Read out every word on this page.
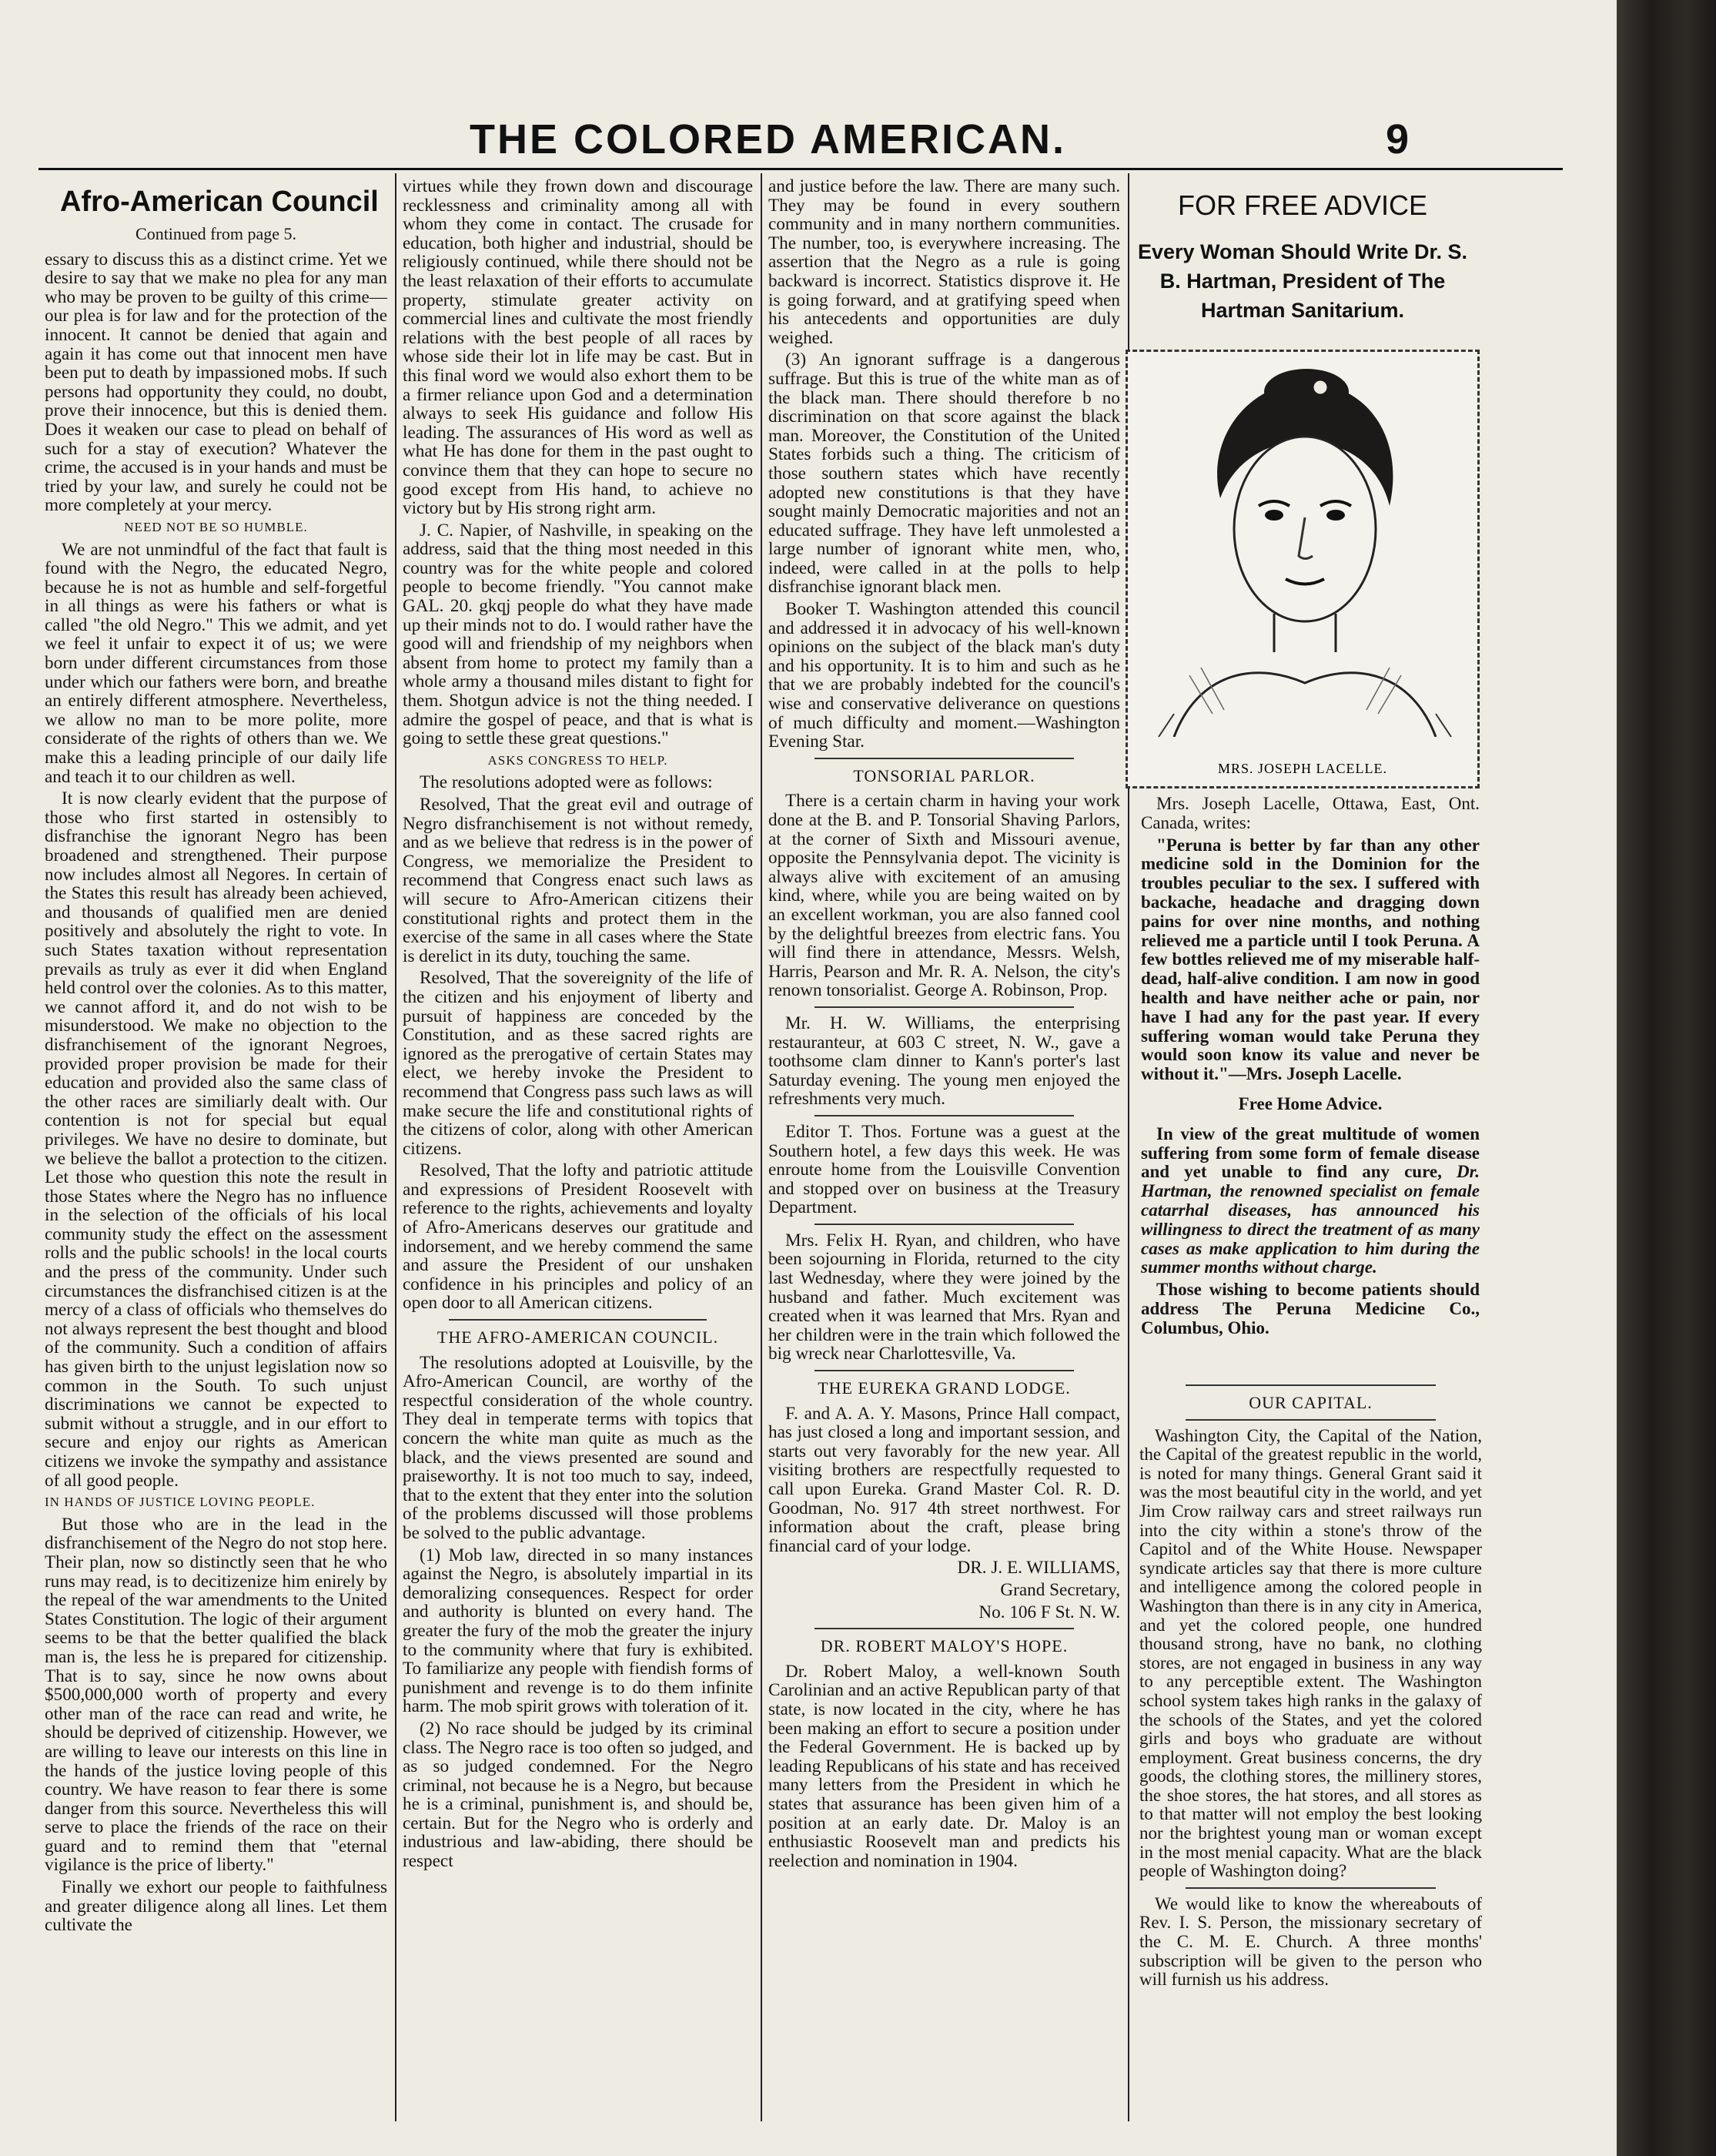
THE COLORED AMERICAN.	9
Afro-American Council
Continued from page 5.

essary to discuss this as a distinct crime. Yet we desire to say that we make no plea for any man who may be proven to be guilty of this crime—our plea is for law and for the protection of the innocent. It cannot be denied that again and again it has come out that innocent men have been put to death by impassioned mobs. If such persons had opportunity they could, no doubt, prove their innocence, but this is denied them. Does it weaken our case to plead on behalf of such for a stay of execution? Whatever the crime, the accused is in your hands and must be tried by your law, and surely he could not be more completely at your mercy.

NEED NOT BE SO HUMBLE.

We are not unmindful of the fact that fault is found with the Negro, the educated Negro, because he is not as humble and self-forgetful in all things as were his fathers or what is called "the old Negro." This we admit, and yet we feel it unfair to expect it of us; we were born under different circumstances from those under which our fathers were born, and breathe an entirely different atmosphere. Nevertheless, we allow no man to be more polite, more considerate of the rights of others than we. We make this a leading principle of our daily life and teach it to our children as well.

It is now clearly evident that the purpose of those who first started in ostensibly to disfranchise the ignorant Negro has been broadened and strengthened. Their purpose now includes almost all Negores. In certain of the States this result has already been achieved, and thousands of qualified men are denied positively and absolutely the right to vote. In such States taxation without representation prevails as truly as ever it did when England held control over the colonies. As to this matter, we cannot afford it, and do not wish to be misunderstood. We make no objection to the disfranchisement of the ignorant Negroes, provided proper provision be made for their education and provided also the same class of the other races are similiarly dealt with. Our contention is not for special but equal privileges. We have no desire to dominate, but we believe the ballot a protection to the citizen. Let those who question this note the result in those States where the Negro has no influence in the selection of the officials of his local community study the effect on the assessment rolls and the public schools! in the local courts and the press of the community. Under such circumstances the disfranchised citizen is at the mercy of a class of officials who themselves do not always represent the best thought and blood of the community. Such a condition of affairs has given birth to the unjust legislation now so common in the South. To such unjust discriminations we cannot be expected to submit without a struggle, and in our effort to secure and enjoy our rights as American citizens we invoke the sympathy and assistance of all good people.

IN HANDS OF JUSTICE LOVING PEOPLE.

But those who are in the lead in the disfranchisement of the Negro do not stop here. Their plan, now so distinctly seen that he who runs may read, is to decitizenize him enirely by the repeal of the war amendments to the United States Constitution. The logic of their argument seems to be that the better qualified the black man is, the less he is prepared for citizenship. That is to say, since he now owns about $500,000,000 worth of property and every other man of the race can read and write, he should be deprived of citizenship. However, we are willing to leave our interests on this line in the hands of the justice loving people of this country. We have reason to fear there is some danger from this source. Nevertheless this will serve to place the friends of the race on their guard and to remind them that "eternal vigilance is the price of liberty."

Finally we exhort our people to faithfulness and greater diligence along all lines. Let them cultivate the

virtues while they frown down and discourage recklessness and criminality among all with whom they come in contact. The crusade for education, both higher and industrial, should be religiously continued, while there should not be the least relaxation of their efforts to accumulate property, stimulate greater activity on commercial lines and cultivate the most friendly relations with the best people of all races by whose side their lot in life may be cast. But in this final word we would also exhort them to be a firmer reliance upon God and a determination always to seek His guidance and follow His leading. The assurances of His word as well as what He has done for them in the past ought to convince them that they can hope to secure no good except from His hand, to achieve no victory but by His strong right arm.

J. C. Napier, of Nashville, in speaking on the address, said that the thing most needed in this country was for the white people and colored people to become friendly. "You cannot make GAL. 20. gkqj people do what they have made up their minds not to do. I would rather have the good will and friendship of my neighbors when absent from home to protect my family than a whole army a thousand miles distant to fight for them. Shotgun advice is not the thing needed. I admire the gospel of peace, and that is what is going to settle these great questions."

ASKS CONGRESS TO HELP.

The resolutions adopted were as follows:

Resolved, That the great evil and outrage of Negro disfranchisement is not without remedy, and as we believe that redress is in the power of Congress, we memorialize the President to recommend that Congress enact such laws as will secure to Afro-American citizens their constitutional rights and protect them in the exercise of the same in all cases where the State is derelict in its duty, touching the same.

Resolved, That the sovereignity of the life of the citizen and his enjoyment of liberty and pursuit of happiness are conceded by the Constitution, and as these sacred rights are ignored as the prerogative of certain States may elect, we hereby invoke the President to recommend that Congress pass such laws as will make secure the life and constitutional rights of the citizens of color, along with other American citizens.

Resolved, That the lofty and patriotic attitude and expressions of President Roosevelt with reference to the rights, achievements and loyalty of Afro-Americans deserves our gratitude and indorsement, and we hereby commend the same and assure the President of our unshaken confidence in his principles and policy of an open door to all American citizens.

THE AFRO-AMERICAN COUNCIL.

The resolutions adopted at Louisville, by the Afro-American Council, are worthy of the respectful consideration of the whole country. They deal in temperate terms with topics that concern the white man quite as much as the black, and the views presented are sound and praiseworthy. It is not too much to say, indeed, that to the extent that they enter into the solution of the problems discussed will those problems be solved to the public advantage.

(1) Mob law, directed in so many instances against the Negro, is absolutely impartial in its demoralizing consequences. Respect for order and authority is blunted on every hand. The greater the fury of the mob the greater the injury to the community where that fury is exhibited. To familiarize any people with fiendish forms of punishment and revenge is to do them infinite harm. The mob spirit grows with toleration of it.

(2) No race should be judged by its criminal class. The Negro race is too often so judged, and as so judged condemned. For the Negro criminal, not because he is a Negro, but because he is a criminal, punishment is, and should be, certain. But for the Negro who is orderly and industrious and law-abiding, there should be respect

and justice before the law. There are many such. They may be found in every southern community and in many northern communities. The number, too, is everywhere increasing. The assertion that the Negro as a rule is going backward is incorrect. Statistics disprove it. He is going forward, and at gratifying speed when his antecedents and opportunities are duly weighed.

(3) An ignorant suffrage is a dangerous suffrage. But this is true of the white man as of the black man. There should therefore b no discrimination on that score against the black man. Moreover, the Constitution of the United States forbids such a thing. The criticism of those southern states which have recently adopted new constitutions is that they have sought mainly Democratic majorities and not an educated suffrage. They have left unmolested a large number of ignorant white men, who, indeed, were called in at the polls to help disfranchise ignorant black men.

Booker T. Washington attended this council and addressed it in advocacy of his well-known opinions on the subject of the black man's duty and his opportunity. It is to him and such as he that we are probably indebted for the council's wise and conservative deliverance on questions of much difficulty and moment.—Washington Evening Star.

TONSORIAL PARLOR.

There is a certain charm in having your work done at the B. and P. Tonsorial Shaving Parlors, at the corner of Sixth and Missouri avenue, opposite the Pennsylvania depot. The vicinity is always alive with excitement of an amusing kind, where, while you are being waited on by an excellent workman, you are also fanned cool by the delightful breezes from electric fans. You will find there in attendance, Messrs. Welsh, Harris, Pearson and Mr. R. A. Nelson, the city's renown tonsorialist. George A. Robinson, Prop.

Mr. H. W. Williams, the enterprising restauranteur, at 603 C street, N. W., gave a toothsome clam dinner to Kann's porter's last Saturday evening. The young men enjoyed the refreshments very much.

Editor T. Thos. Fortune was a guest at the Southern hotel, a few days this week. He was enroute home from the Louisville Convention and stopped over on business at the Treasury Department.

Mrs. Felix H. Ryan, and children, who have been sojourning in Florida, returned to the city last Wednesday, where they were joined by the husband and father. Much excitement was created when it was learned that Mrs. Ryan and her children were in the train which followed the big wreck near Charlottesville, Va.

THE EUREKA GRAND LODGE.

F. and A. A. Y. Masons, Prince Hall compact, has just closed a long and important session, and starts out very favorably for the new year. All visiting brothers are respectfully requested to call upon Eureka. Grand Master Col. R. D. Goodman, No. 917 4th street northwest. For information about the craft, please bring financial card of your lodge.

DR. J. E. WILLIAMS,

Grand Secretary,

No. 106 F St. N. W.

DR. ROBERT MALOY'S HOPE.

Dr. Robert Maloy, a well-known South Carolinian and an active Republican party of that state, is now located in the city, where he has been making an effort to secure a position under the Federal Government. He is backed up by leading Republicans of his state and has received many letters from the President in which he states that assurance has been given him of a position at an early date. Dr. Maloy is an enthusiastic Roosevelt man and predicts his reelection and nomination in 1904.

FOR FREE ADVICE
Every Woman Should Write Dr. S. B. Hartman, President of The Hartman Sanitarium.
MRS. JOSEPH LACELLE.

Mrs. Joseph Lacelle, Ottawa, East, Ont. Canada, writes:

"Peruna is better by far than any other medicine sold in the Dominion for the troubles peculiar to the sex. I suffered with backache, headache and dragging down pains for over nine months, and nothing relieved me a particle until I took Peruna. A few bottles relieved me of my miserable half-dead, half-alive condition. I am now in good health and have neither ache or pain, nor have I had any for the past year. If every suffering woman would take Peruna they would soon know its value and never be without it."—Mrs. Joseph Lacelle.

Free Home Advice.

In view of the great multitude of women suffering from some form of female disease and yet unable to find any cure, Dr. Hartman, the renowned specialist on female catarrhal diseases, has announced his willingness to direct the treatment of as many cases as make application to him during the summer months without charge.

Those wishing to become patients should address The Peruna Medicine Co., Columbus, Ohio.

OUR CAPITAL.

Washington City, the Capital of the Nation, the Capital of the greatest republic in the world, is noted for many things. General Grant said it was the most beautiful city in the world, and yet Jim Crow railway cars and street railways run into the city within a stone's throw of the Capitol and of the White House. Newspaper syndicate articles say that there is more culture and intelligence among the colored people in Washington than there is in any city in America, and yet the colored people, one hundred thousand strong, have no bank, no clothing stores, are not engaged in business in any way to any perceptible extent. The Washington school system takes high ranks in the galaxy of the schools of the States, and yet the colored girls and boys who graduate are without employment. Great business concerns, the dry goods, the clothing stores, the millinery stores, the shoe stores, the hat stores, and all stores as to that matter will not employ the best looking nor the brightest young man or woman except in the most menial capacity. What are the black people of Washington doing?

We would like to know the whereabouts of Rev. I. S. Person, the missionary secretary of the C. M. E. Church. A three months' subscription will be given to the person who will furnish us his address.
